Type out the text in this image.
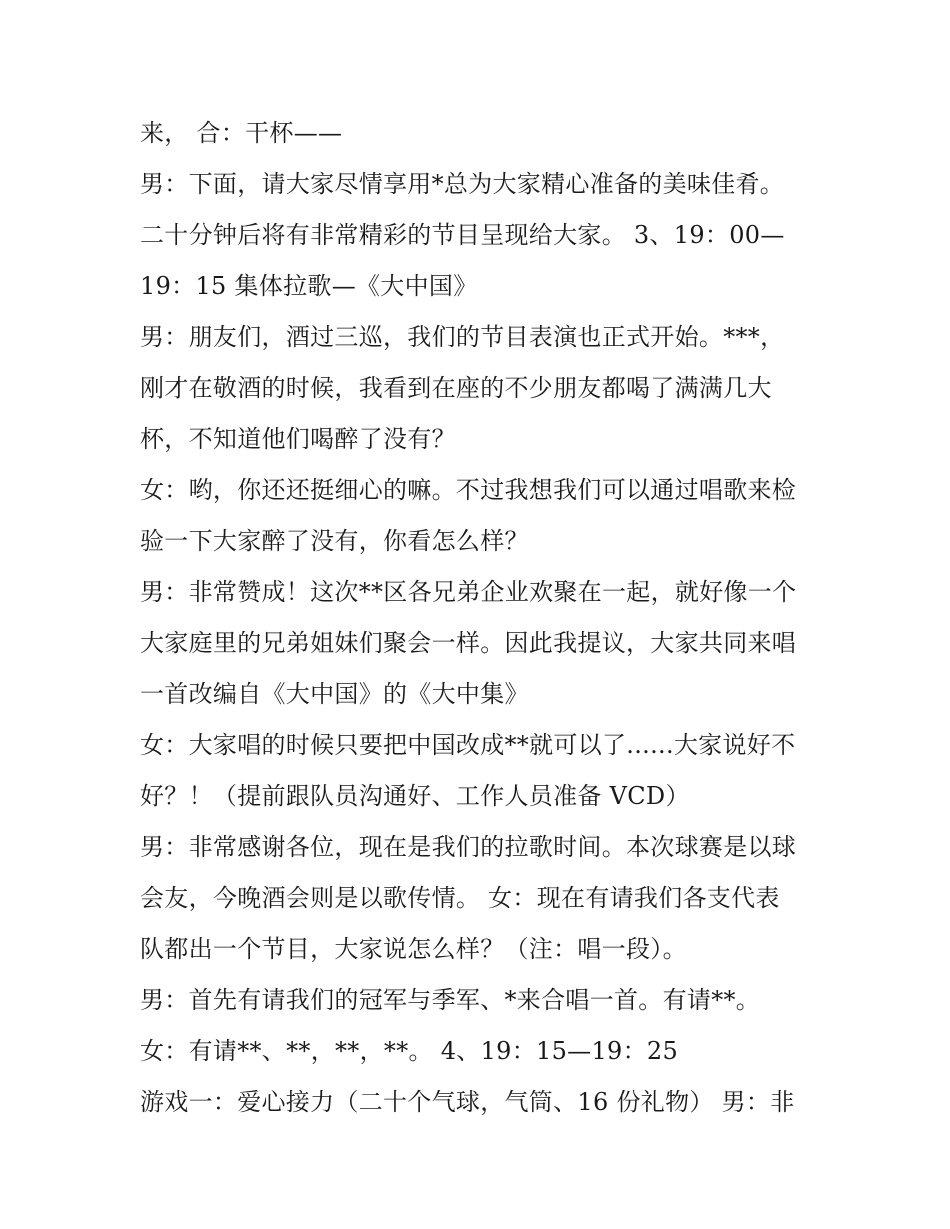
来， 合：干杯——
男：下面，请大家尽情享用*总为大家精心准备的美味佳肴。
二十分钟后将有非常精彩的节目呈现给大家。 3、19：00—
19：15 集体拉歌—《大中国》
男：朋友们，酒过三巡，我们的节目表演也正式开始。***，
刚才在敬酒的时候，我看到在座的不少朋友都喝了满满几大
杯，不知道他们喝醉了没有？
女：哟，你还还挺细心的嘛。不过我想我们可以通过唱歌来检
验一下大家醉了没有，你看怎么样？
男：非常赞成！这次**区各兄弟企业欢聚在一起，就好像一个
大家庭里的兄弟姐妹们聚会一样。因此我提议，大家共同来唱
一首改编自《大中国》的《大中集》
女：大家唱的时候只要把中国改成**就可以了......大家说好不
好？！（提前跟队员沟通好、工作人员准备 VCD）
男：非常感谢各位，现在是我们的拉歌时间。本次球赛是以球
会友，今晚酒会则是以歌传情。 女：现在有请我们各支代表
队都出一个节目，大家说怎么样？（注：唱一段）。
男：首先有请我们的冠军与季军、*来合唱一首。有请**。
女：有请**、**，**，**。 4、19：15—19：25
游戏一：爱心接力（二十个气球，气筒、16 份礼物） 男：非
